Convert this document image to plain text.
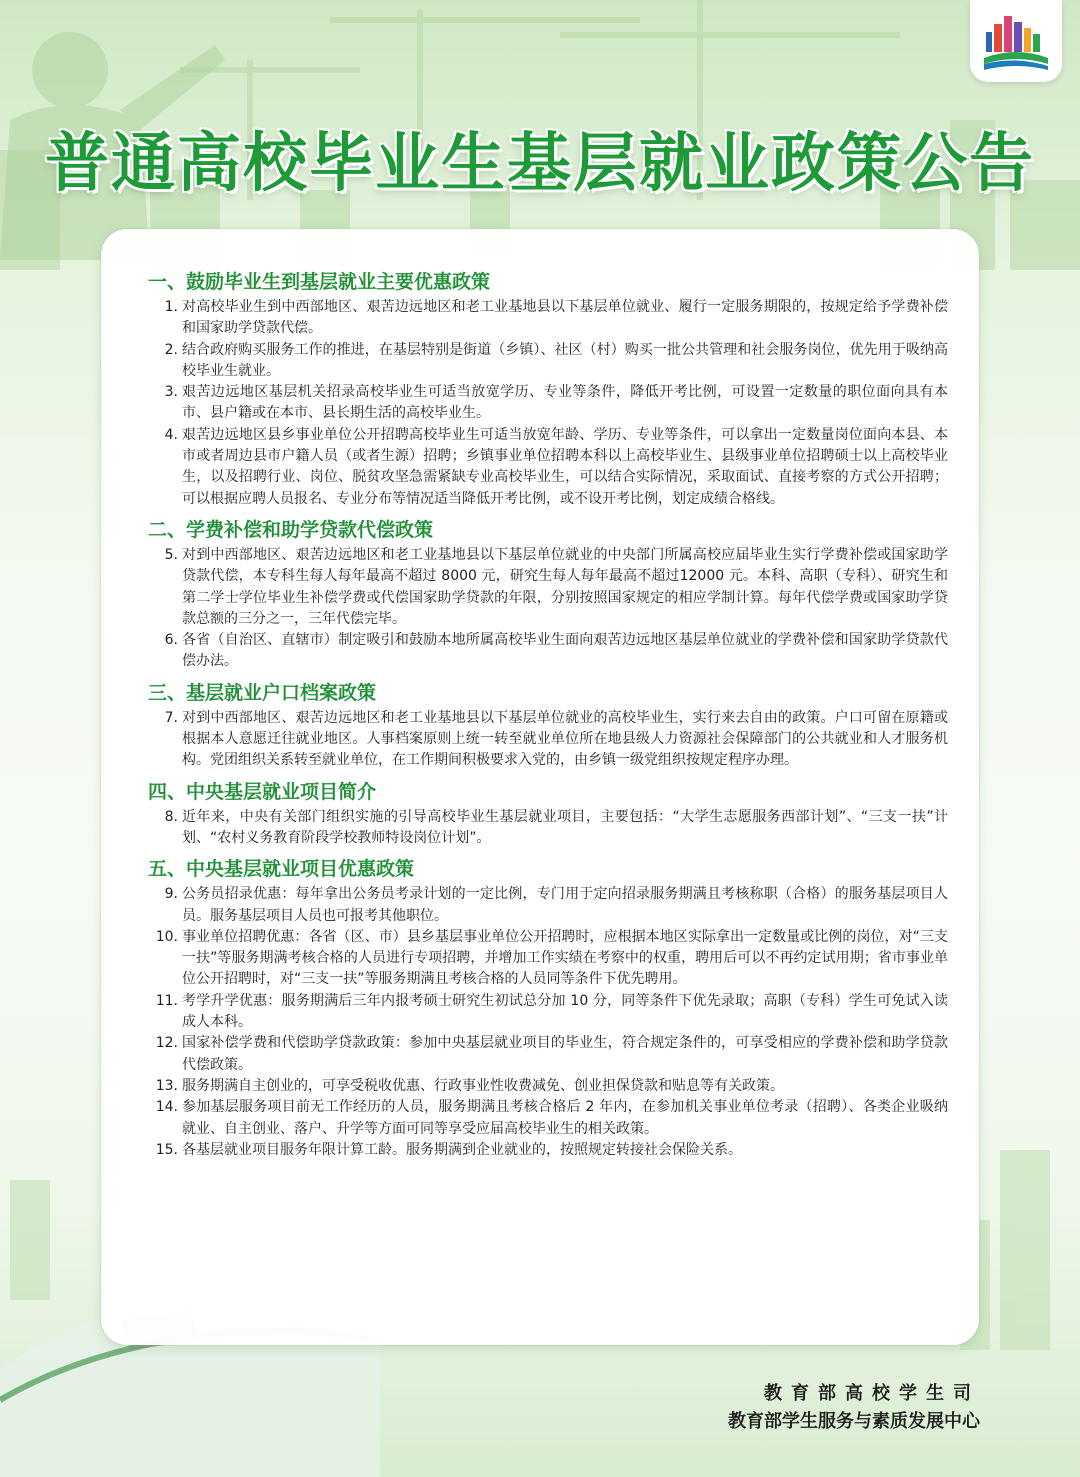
普通高校毕业生基层就业政策公告
一、鼓励毕业生到基层就业主要优惠政策
1. 对高校毕业生到中西部地区、艰苦边远地区和老工业基地县以下基层单位就业、履行一定服务期限的，按规定给予学费补偿和国家助学贷款代偿。
2. 结合政府购买服务工作的推进，在基层特别是街道（乡镇）、社区（村）购买一批公共管理和社会服务岗位，优先用于吸纳高校毕业生就业。
3. 艰苦边远地区基层机关招录高校毕业生可适当放宽学历、专业等条件，降低开考比例，可设置一定数量的职位面向具有本市、县户籍或在本市、县长期生活的高校毕业生。
4. 艰苦边远地区县乡事业单位公开招聘高校毕业生可适当放宽年龄、学历、专业等条件，可以拿出一定数量岗位面向本县、本市或者周边县市户籍人员（或者生源）招聘；乡镇事业单位招聘本科以上高校毕业生、县级事业单位招聘硕士以上高校毕业生，以及招聘行业、岗位、脱贫攻坚急需紧缺专业高校毕业生，可以结合实际情况，采取面试、直接考察的方式公开招聘；可以根据应聘人员报名、专业分布等情况适当降低开考比例，或不设开考比例，划定成绩合格线。
二、学费补偿和助学贷款代偿政策
5. 对到中西部地区、艰苦边远地区和老工业基地县以下基层单位就业的中央部门所属高校应届毕业生实行学费补偿或国家助学贷款代偿，本专科生每人每年最高不超过 8000 元，研究生每人每年最高不超过12000 元。本科、高职（专科）、研究生和第二学士学位毕业生补偿学费或代偿国家助学贷款的年限，分别按照国家规定的相应学制计算。每年代偿学费或国家助学贷款总额的三分之一，三年代偿完毕。
6. 各省（自治区、直辖市）制定吸引和鼓励本地所属高校毕业生面向艰苦边远地区基层单位就业的学费补偿和国家助学贷款代偿办法。
三、基层就业户口档案政策
7. 对到中西部地区、艰苦边远地区和老工业基地县以下基层单位就业的高校毕业生，实行来去自由的政策。户口可留在原籍或根据本人意愿迁往就业地区。人事档案原则上统一转至就业单位所在地县级人力资源社会保障部门的公共就业和人才服务机构。党团组织关系转至就业单位，在工作期间积极要求入党的，由乡镇一级党组织按规定程序办理。
四、中央基层就业项目简介
8. 近年来，中央有关部门组织实施的引导高校毕业生基层就业项目，主要包括：“大学生志愿服务西部计划”、“三支一扶”计划、“农村义务教育阶段学校教师特设岗位计划”。
五、中央基层就业项目优惠政策
9. 公务员招录优惠：每年拿出公务员考录计划的一定比例，专门用于定向招录服务期满且考核称职（合格）的服务基层项目人员。服务基层项目人员也可报考其他职位。
10. 事业单位招聘优惠：各省（区、市）县乡基层事业单位公开招聘时，应根据本地区实际拿出一定数量或比例的岗位，对“三支一扶”等服务期满考核合格的人员进行专项招聘，并增加工作实绩在考察中的权重，聘用后可以不再约定试用期；省市事业单位公开招聘时，对“三支一扶”等服务期满且考核合格的人员同等条件下优先聘用。
11. 考学升学优惠：服务期满后三年内报考硕士研究生初试总分加 10 分，同等条件下优先录取；高职（专科）学生可免试入读成人本科。
12. 国家补偿学费和代偿助学贷款政策：参加中央基层就业项目的毕业生，符合规定条件的，可享受相应的学费补偿和助学贷款代偿政策。
13. 服务期满自主创业的，可享受税收优惠、行政事业性收费减免、创业担保贷款和贴息等有关政策。
14. 参加基层服务项目前无工作经历的人员，服务期满且考核合格后 2 年内，在参加机关事业单位考录（招聘）、各类企业吸纳就业、自主创业、落户、升学等方面可同等享受应届高校毕业生的相关政策。
15. 各基层就业项目服务年限计算工龄。服务期满到企业就业的，按照规定转接社会保险关系。
教育部高校学生司
教育部学生服务与素质发展中心
